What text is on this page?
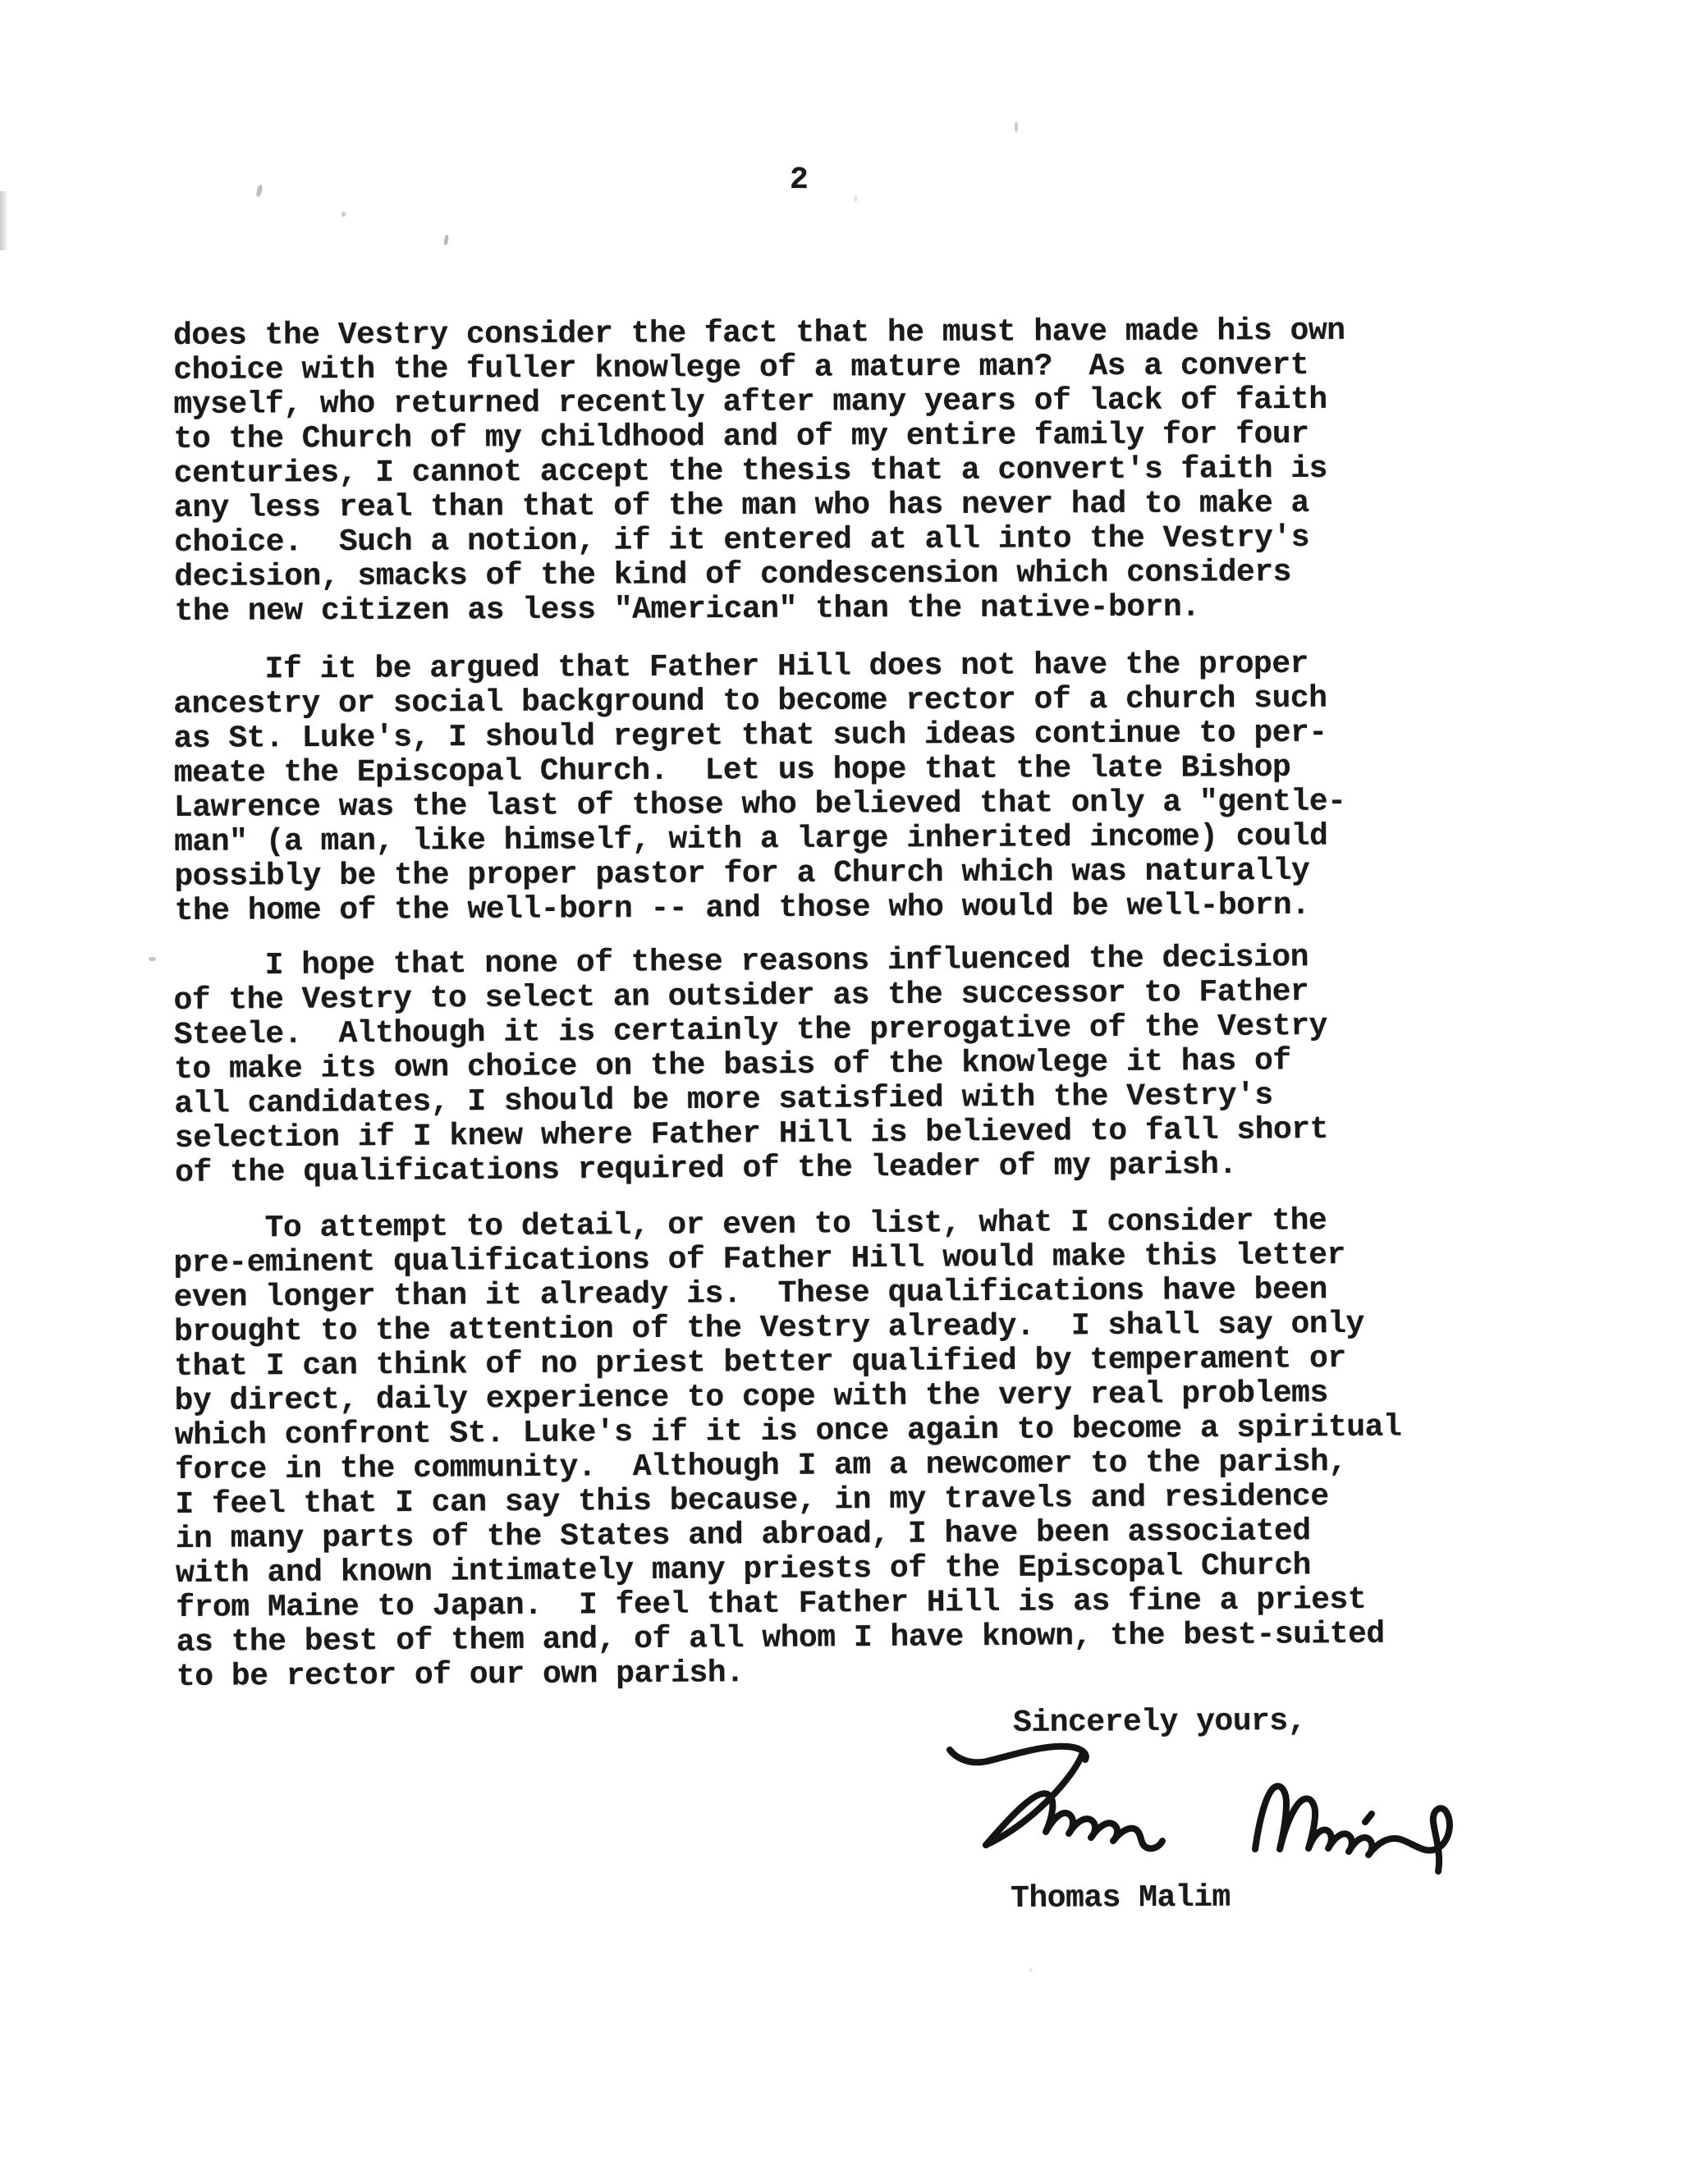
2
does the Vestry consider the fact that he must have made his own
choice with the fuller knowlege of a mature man?  As a convert
myself, who returned recently after many years of lack of faith
to the Church of my childhood and of my entire family for four
centuries, I cannot accept the thesis that a convert's faith is
any less real than that of the man who has never had to make a
choice.  Such a notion, if it entered at all into the Vestry's
decision, smacks of the kind of condescension which considers
the new citizen as less "American" than the native-born.
If it be argued that Father Hill does not have the proper
ancestry or social background to become rector of a church such
as St. Luke's, I should regret that such ideas continue to per-
meate the Episcopal Church.  Let us hope that the late Bishop
Lawrence was the last of those who believed that only a "gentle-
man" (a man, like himself, with a large inherited income) could
possibly be the proper pastor for a Church which was naturally
the home of the well-born -- and those who would be well-born.
I hope that none of these reasons influenced the decision
of the Vestry to select an outsider as the successor to Father
Steele.  Although it is certainly the prerogative of the Vestry
to make its own choice on the basis of the knowlege it has of
all candidates, I should be more satisfied with the Vestry's
selection if I knew where Father Hill is believed to fall short
of the qualifications required of the leader of my parish.
To attempt to detail, or even to list, what I consider the
pre-eminent qualifications of Father Hill would make this letter
even longer than it already is.  These qualifications have been
brought to the attention of the Vestry already.  I shall say only
that I can think of no priest better qualified by temperament or
by direct, daily experience to cope with the very real problems
which confront St. Luke's if it is once again to become a spiritual
force in the community.  Although I am a newcomer to the parish,
I feel that I can say this because, in my travels and residence
in many parts of the States and abroad, I have been associated
with and known intimately many priests of the Episcopal Church
from Maine to Japan.  I feel that Father Hill is as fine a priest
as the best of them and, of all whom I have known, the best-suited
to be rector of our own parish.
Sincerely yours,
Thomas Malim
